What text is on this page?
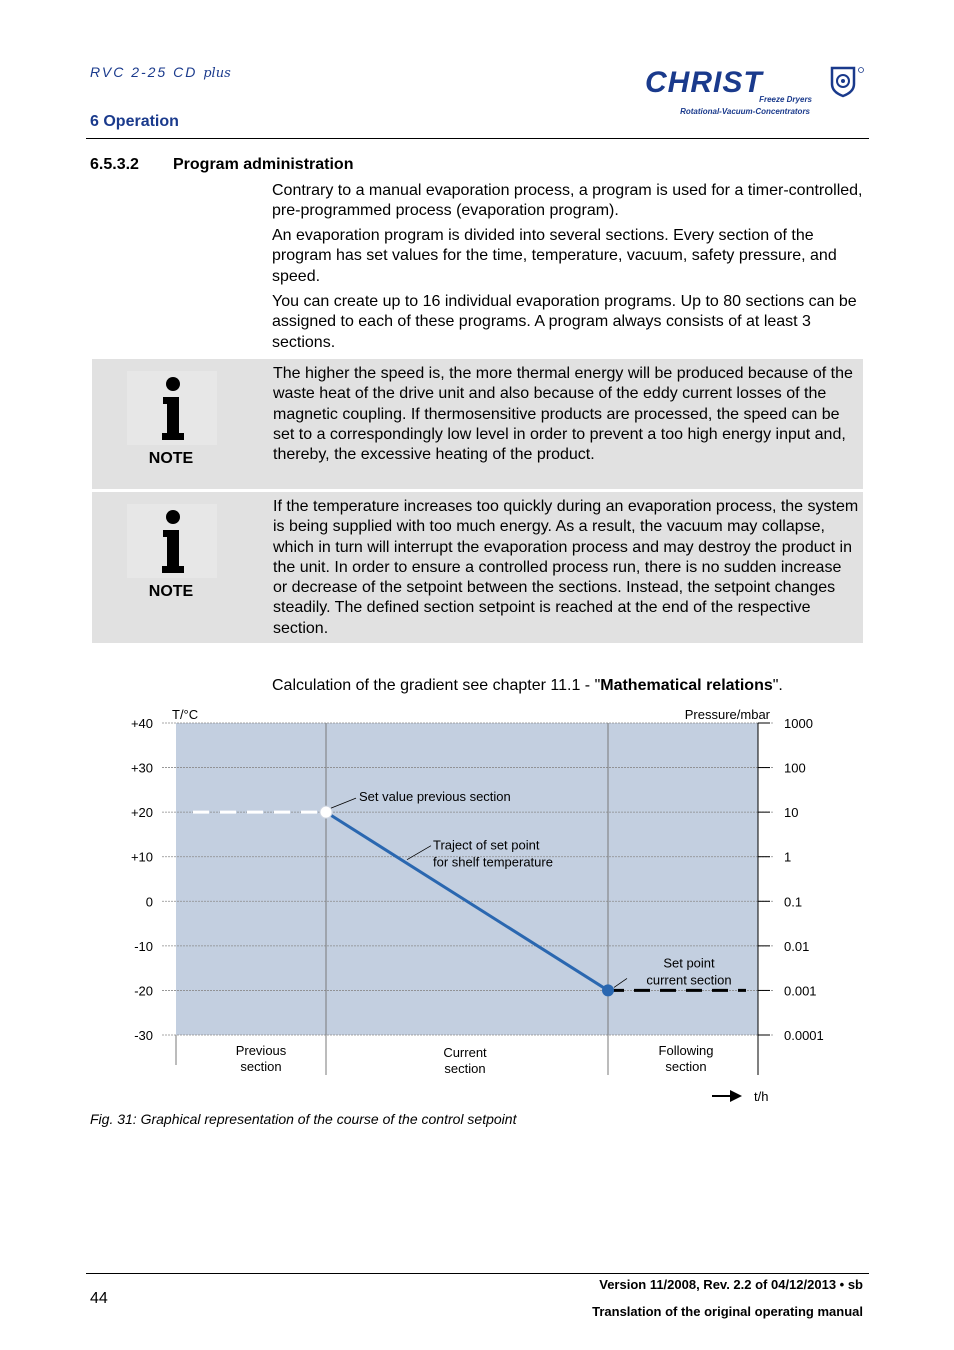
RVC 2-25 CD plus
6 Operation
CHRIST
Freeze Dryers
Rotational-Vacuum-Concentrators
6.5.3.2 Program administration
Contrary to a manual evaporation process, a program is used for a timer-controlled, pre-programmed process (evaporation program).
An evaporation program is divided into several sections. Every section of the program has set values for the time, temperature, vacuum, safety pressure, and speed.
You can create up to 16 individual evaporation programs. Up to 80 sections can be assigned to each of these programs. A program always consists of at least 3 sections.
NOTE
The higher the speed is, the more thermal energy will be produced because of the waste heat of the drive unit and also because of the eddy current losses of the magnetic coupling. If thermosensitive products are processed, the speed can be set to a correspondingly low level in order to prevent a too high energy input and, thereby, the excessive heating of the product.
NOTE
If the temperature increases too quickly during an evaporation process, the system is being supplied with too much energy. As a result, the vacuum may collapse, which in turn will interrupt the evaporation process and may destroy the product in the unit. In order to ensure a controlled process run, there is no sudden increase or decrease of the setpoint between the sections. Instead, the setpoint changes steadily. The defined section setpoint is reached at the end of the respective section.
Calculation of the gradient see chapter 11.1 - "Mathematical relations".
+40
+30
+20
+10
0
-10
-20
-30
1000
100
10
1
0.1
0.01
0.001
0.0001
T/°C	Pressure/mbar
Set value previous section
Traject of set point
for shelf temperature
Set point
current section
Previous
section
Current
section
Following
section
t/h
Fig. 31: Graphical representation of the course of the control setpoint
44
Version 11/2008, Rev. 2.2 of 04/12/2013 • sb
Translation of the original operating manual
